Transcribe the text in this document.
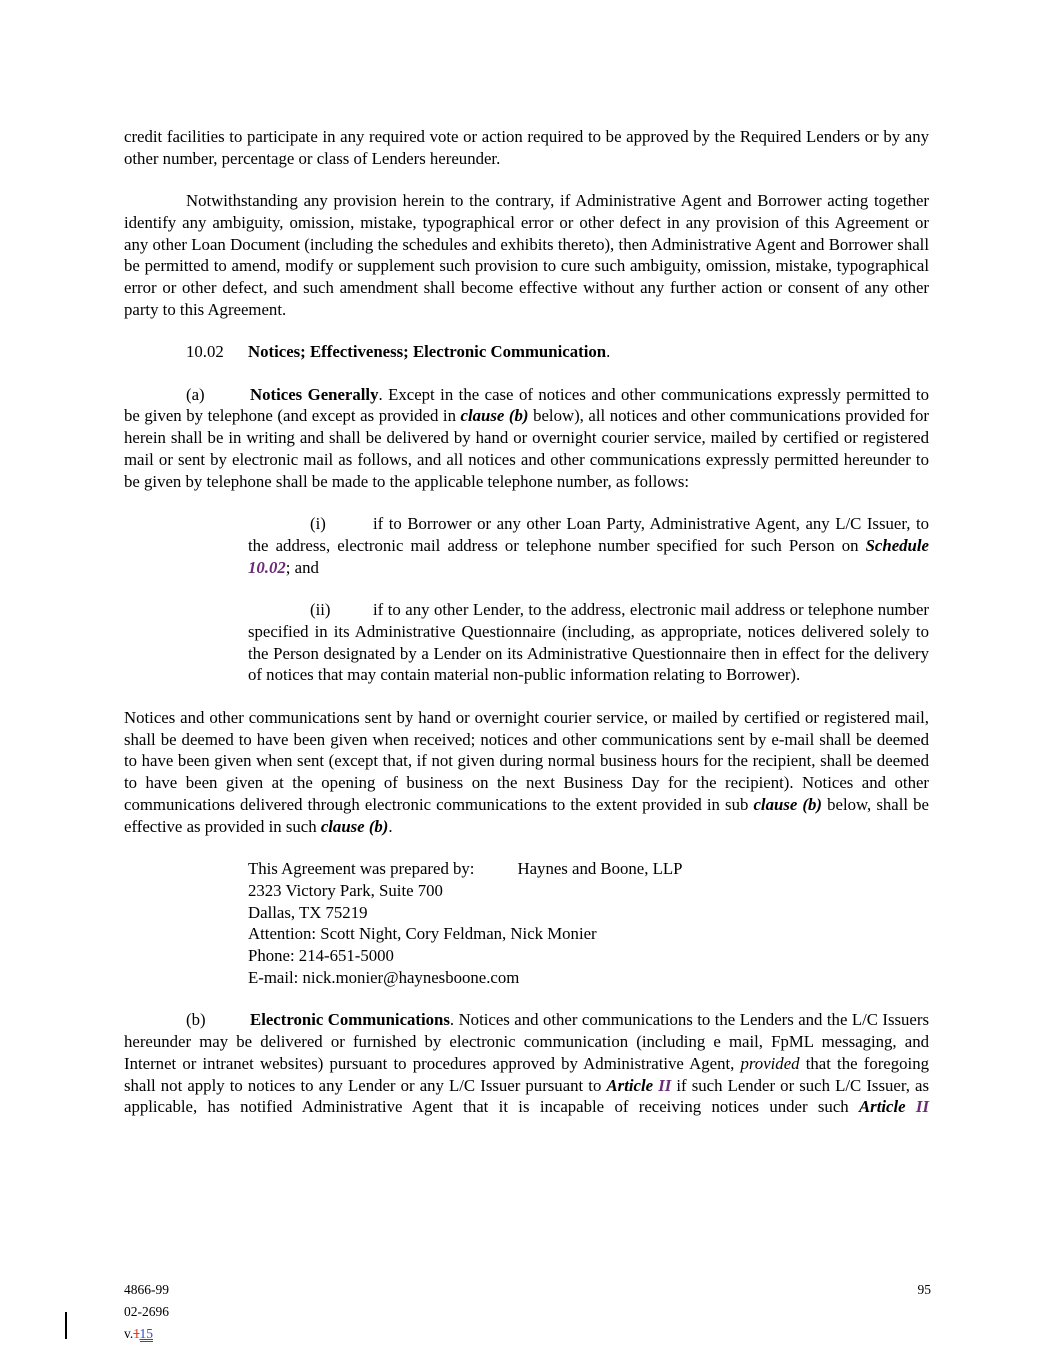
credit facilities to participate in any required vote or action required to be approved by the Required Lenders or by any other number, percentage or class of Lenders hereunder.

Notwithstanding any provision herein to the contrary, if Administrative Agent and Borrower acting together identify any ambiguity, omission, mistake, typographical error or other defect in any provision of this Agreement or any other Loan Document (including the schedules and exhibits thereto), then Administrative Agent and Borrower shall be permitted to amend, modify or supplement such provision to cure such ambiguity, omission, mistake, typographical error or other defect, and such amendment shall become effective without any further action or consent of any other party to this Agreement.

10.02 Notices; Effectiveness; Electronic Communication.

(a)	Notices Generally. Except in the case of notices and other communications expressly permitted to be given by telephone (and except as provided in clause (b) below), all notices and other communications provided for herein shall be in writing and shall be delivered by hand or overnight courier service, mailed by certified or registered mail or sent by electronic mail as follows, and all notices and other communications expressly permitted hereunder to be given by telephone shall be made to the applicable telephone number, as follows:

(i)	if to Borrower or any other Loan Party, Administrative Agent, any L/C Issuer, to the address, electronic mail address or telephone number specified for such Person on Schedule 10.02; and

(ii)	if to any other Lender, to the address, electronic mail address or telephone number specified in its Administrative Questionnaire (including, as appropriate, notices delivered solely to the Person designated by a Lender on its Administrative Questionnaire then in effect for the delivery of notices that may contain material non-public information relating to Borrower).

Notices and other communications sent by hand or overnight courier service, or mailed by certified or registered mail, shall be deemed to have been given when received; notices and other communications sent by e-mail shall be deemed to have been given when sent (except that, if not given during normal business hours for the recipient, shall be deemed to have been given at the opening of business on the next Business Day for the recipient). Notices and other communications delivered through electronic communications to the extent provided in sub clause (b) below, shall be effective as provided in such clause (b).

This Agreement was prepared by:	Haynes and Boone, LLP

2323 Victory Park, Suite 700

Dallas, TX 75219

Attention: Scott Night, Cory Feldman, Nick Monier

Phone: 214-651-5000

E-mail: nick.monier@haynesboone.com

(b)	Electronic Communications. Notices and other communications to the Lenders and the L/C Issuers hereunder may be delivered or furnished by electronic communication (including e mail, FpML messaging, and Internet or intranet websites) pursuant to procedures approved by Administrative Agent, provided that the foregoing shall not apply to notices to any Lender or any L/C Issuer pursuant to Article II if such Lender or such L/C Issuer, as applicable, has notified Administrative Agent that it is incapable of receiving notices under such Article II

4866-99
02-2696
v.115
95
